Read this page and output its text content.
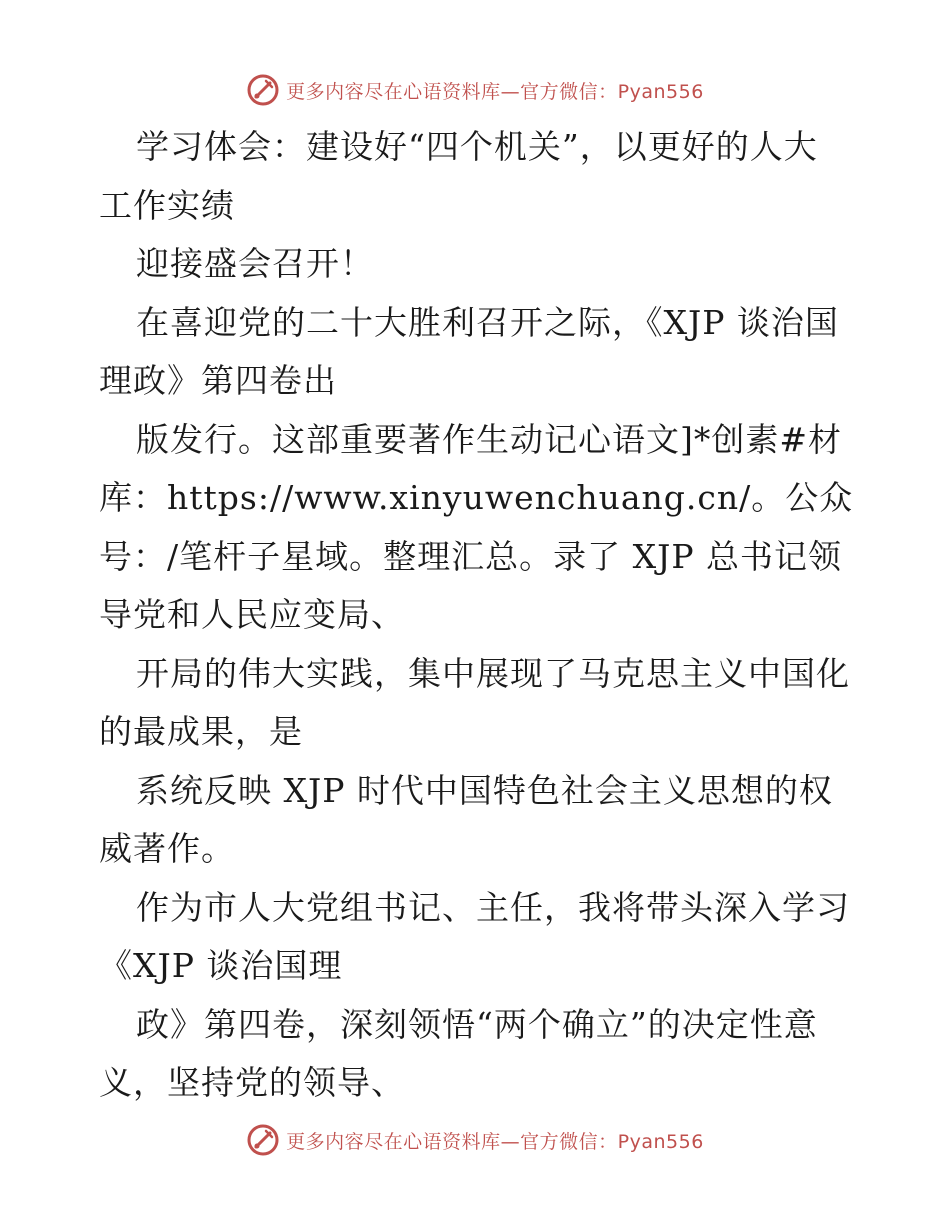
更多内容尽在心语资料库—官方微信：Pyan556
学习体会：建设好“四个机关”，以更好的人大
工作实绩
迎接盛会召开！
在喜迎党的二十大胜利召开之际，《XJP 谈治国
理政》第四卷出
版发行。这部重要著作生动记心语文]*创素#材
库：https://www.xinyuwenchuang.cn/。公众
号：/笔杆子星域。整理汇总。录了 XJP 总书记领
导党和人民应变局、
开局的伟大实践，集中展现了马克思主义中国化
的最成果，是
系统反映 XJP 时代中国特色社会主义思想的权
威著作。
作为市人大党组书记、主任，我将带头深入学习
《XJP 谈治国理
政》第四卷，深刻领悟“两个确立”的决定性意
义，坚持党的领导、
更多内容尽在心语资料库—官方微信：Pyan556
